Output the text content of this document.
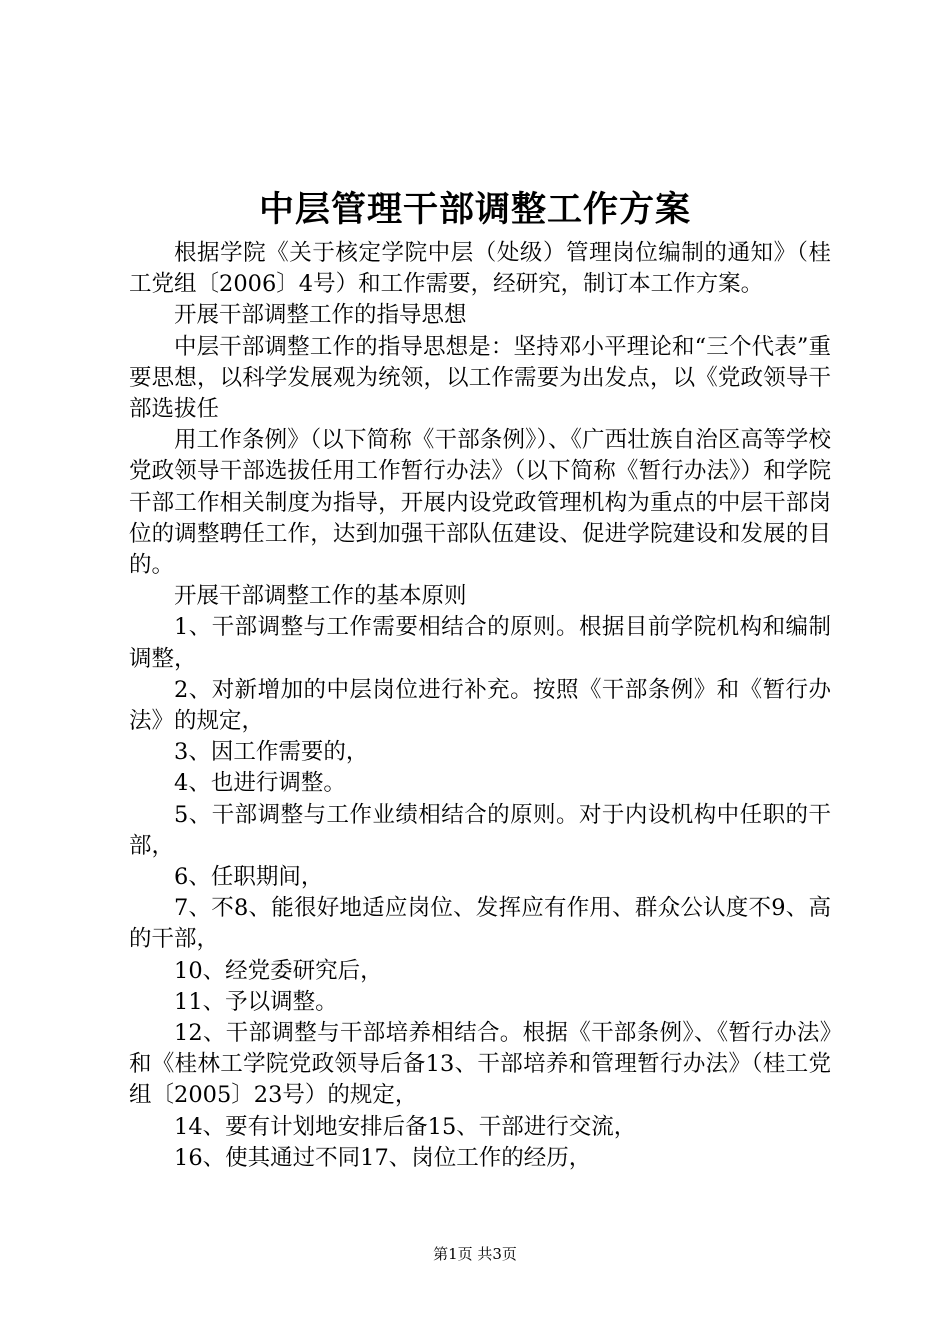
中层管理干部调整工作方案

根据学院《关于核定学院中层（处级）管理岗位编制的通知》（桂工党组〔2006〕4号）和工作需要，经研究，制订本工作方案。

开展干部调整工作的指导思想

中层干部调整工作的指导思想是：坚持邓小平理论和“三个代表”重要思想，以科学发展观为统领，以工作需要为出发点，以《党政领导干部选拔任

用工作条例》（以下简称《干部条例》）、《广西壮族自治区高等学校党政领导干部选拔任用工作暂行办法》（以下简称《暂行办法》）和学院干部工作相关制度为指导，开展内设党政管理机构为重点的中层干部岗位的调整聘任工作，达到加强干部队伍建设、促进学院建设和发展的目的。

开展干部调整工作的基本原则

1、干部调整与工作需要相结合的原则。根据目前学院机构和编制调整，

2、对新增加的中层岗位进行补充。按照《干部条例》和《暂行办法》的规定，

3、因工作需要的，

4、也进行调整。

5、干部调整与工作业绩相结合的原则。对于内设机构中任职的干部，

6、任职期间，

7、不8、能很好地适应岗位、发挥应有作用、群众公认度不9、高的干部，

10、经党委研究后，

11、予以调整。

12、干部调整与干部培养相结合。根据《干部条例》、《暂行办法》和《桂林工学院党政领导后备13、干部培养和管理暂行办法》（桂工党组〔2005〕23号）的规定，

14、要有计划地安排后备15、干部进行交流，

16、使其通过不同17、岗位工作的经历，

第1页 共3页
